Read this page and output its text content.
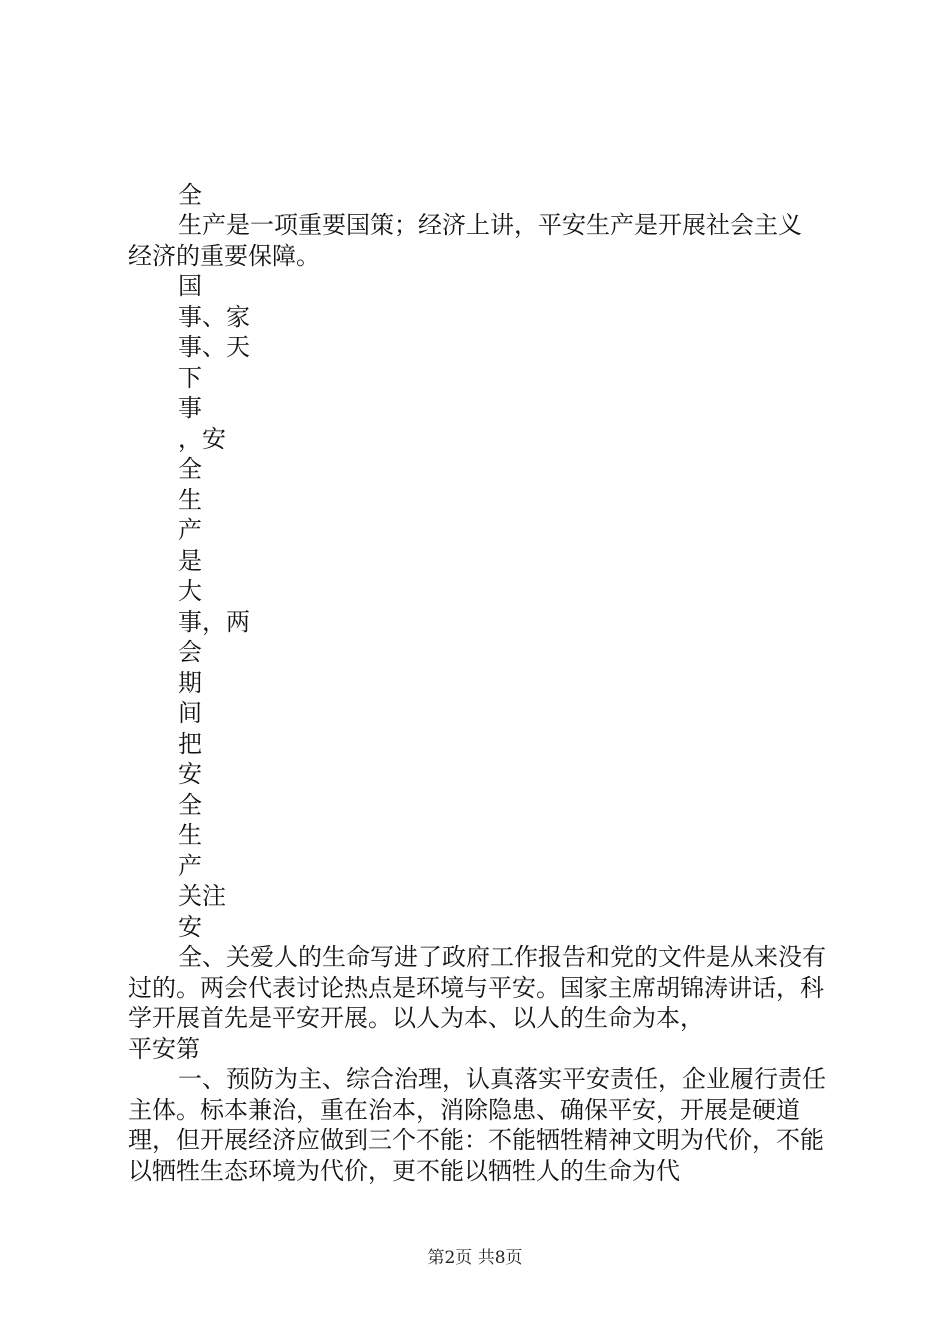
全

生产是一项重要国策；经济上讲，平安生产是开展社会主义

经济的重要保障。

国
事、家
事、天
下
事
，安
全
生
产
是
大
事，两
会
期
间
把
安
全
生
产
关注
安

全、关爱人的生命写进了政府工作报告和党的文件是从来没有过的。两会代表讨论热点是环境与平安。国家主席胡锦涛讲话，科学开展首先是平安开展。以人为本、以人的生命为本，

平安第

一、预防为主、综合治理，认真落实平安责任，企业履行责任主体。标本兼治，重在治本，消除隐患、确保平安，开展是硬道理，但开展经济应做到三个不能：不能牺牲精神文明为代价，不能以牺牲生态环境为代价，更不能以牺牲人的生命为代

第2页 共8页
